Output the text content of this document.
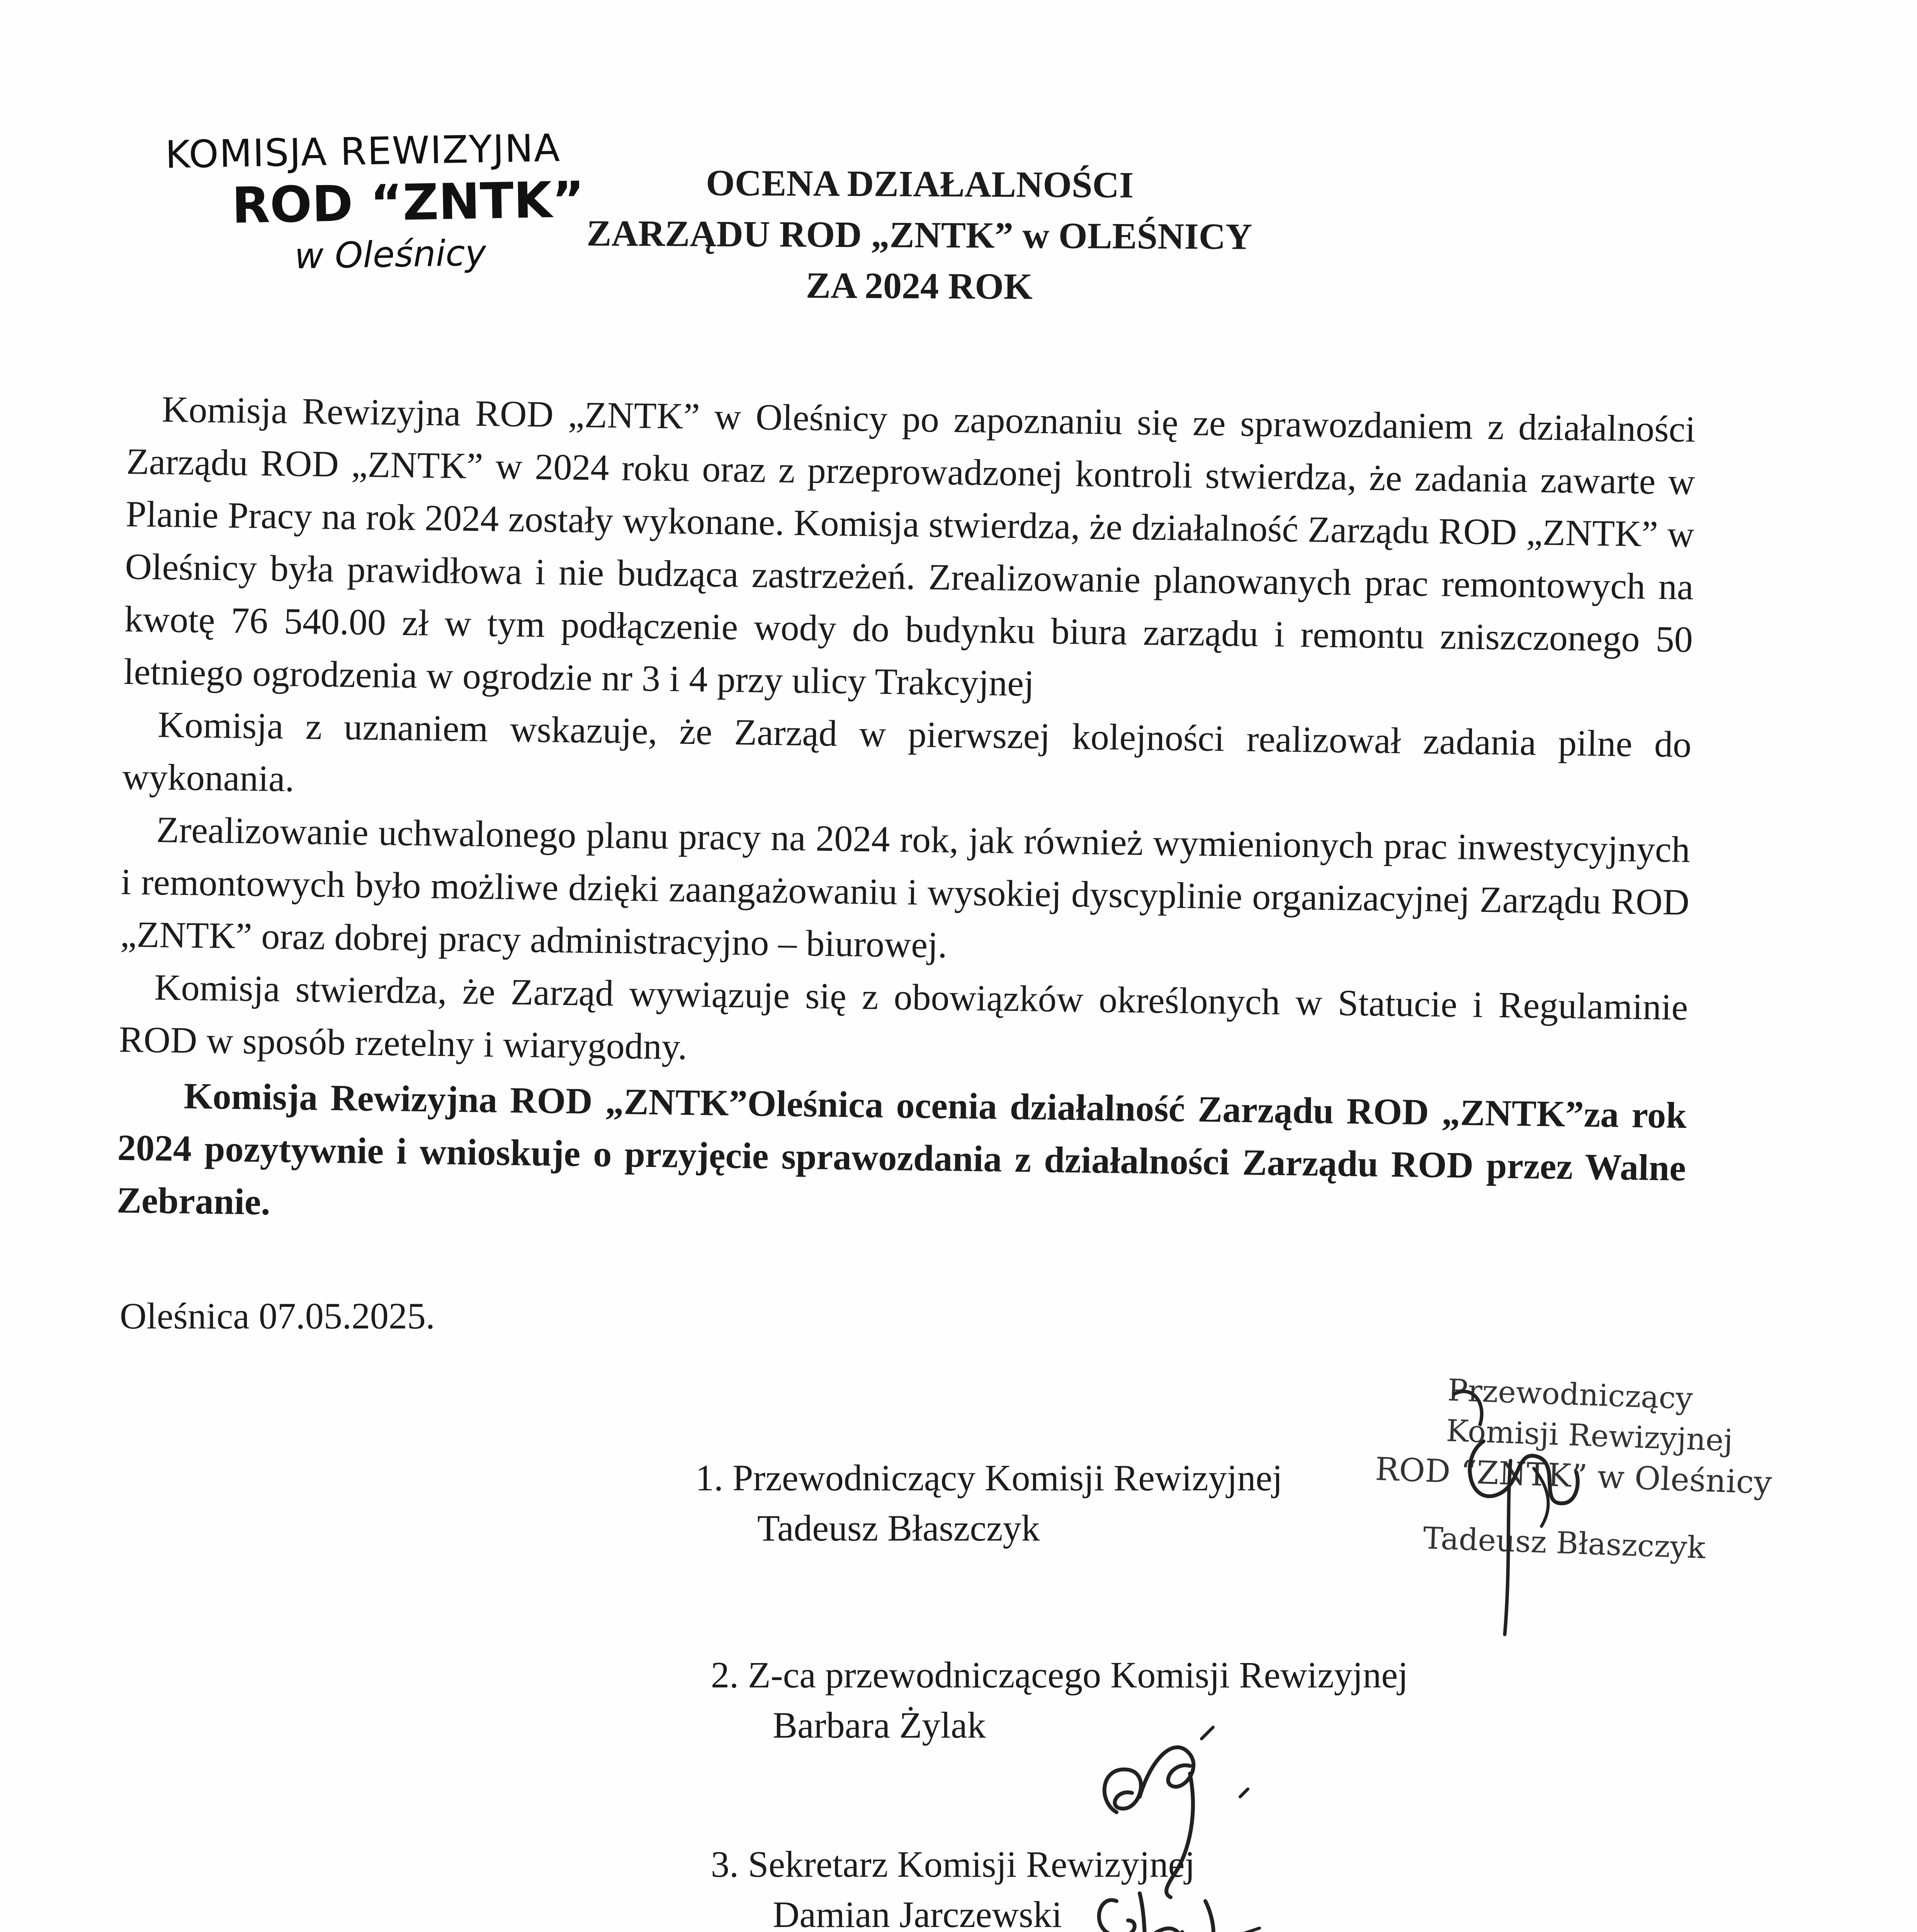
KOMISJA REWIZYJNA
ROD “ZNTK”
w Oleśnicy
OCENA DZIAŁALNOŚCI
ZARZĄDU ROD „ZNTK” w OLEŚNICY
ZA 2024 ROK

Komisja Rewizyjna ROD „ZNTK” w Oleśnicy po zapoznaniu się ze sprawozdaniem z działalności Zarządu ROD „ZNTK” w 2024 roku oraz z przeprowadzonej kontroli stwierdza, że zadania zawarte w Planie Pracy na rok 2024 zostały wykonane. Komisja stwierdza, że działalność Zarządu ROD „ZNTK” w Oleśnicy była prawidłowa i nie budząca zastrzeżeń. Zrealizowanie planowanych prac remontowych na kwotę 76 540.00 zł w tym podłączenie wody do budynku biura zarządu i remontu zniszczonego 50 letniego ogrodzenia w ogrodzie nr 3 i 4 przy ulicy Trakcyjnej

Komisja z uznaniem wskazuje, że Zarząd w pierwszej kolejności realizował zadania pilne do wykonania.

Zrealizowanie uchwalonego planu pracy na 2024 rok, jak również wymienionych prac inwestycyjnych i remontowych było możliwe dzięki zaangażowaniu i wysokiej dyscyplinie organizacyjnej Zarządu ROD „ZNTK” oraz dobrej pracy administracyjno – biurowej.

Komisja stwierdza, że Zarząd wywiązuje się z obowiązków określonych w Statucie i Regulaminie ROD w sposób rzetelny i wiarygodny.

Komisja Rewizyjna ROD „ZNTK”Oleśnica ocenia działalność Zarządu ROD „ZNTK”za rok 2024 pozytywnie i wnioskuje o przyjęcie sprawozdania z działalności Zarządu ROD przez Walne Zebranie.

Oleśnica 07.05.2025.
1. Przewodniczący Komisji Rewizyjnej
Tadeusz Błaszczyk
2. Z-ca przewodniczącego Komisji Rewizyjnej
Barbara Żylak
3. Sekretarz Komisji Rewizyjnej
Damian Jarczewski
Przewodniczący
Komisji Rewizyjnej
ROD “ZNTK” w Oleśnicy
Tadeusz Błaszczyk
